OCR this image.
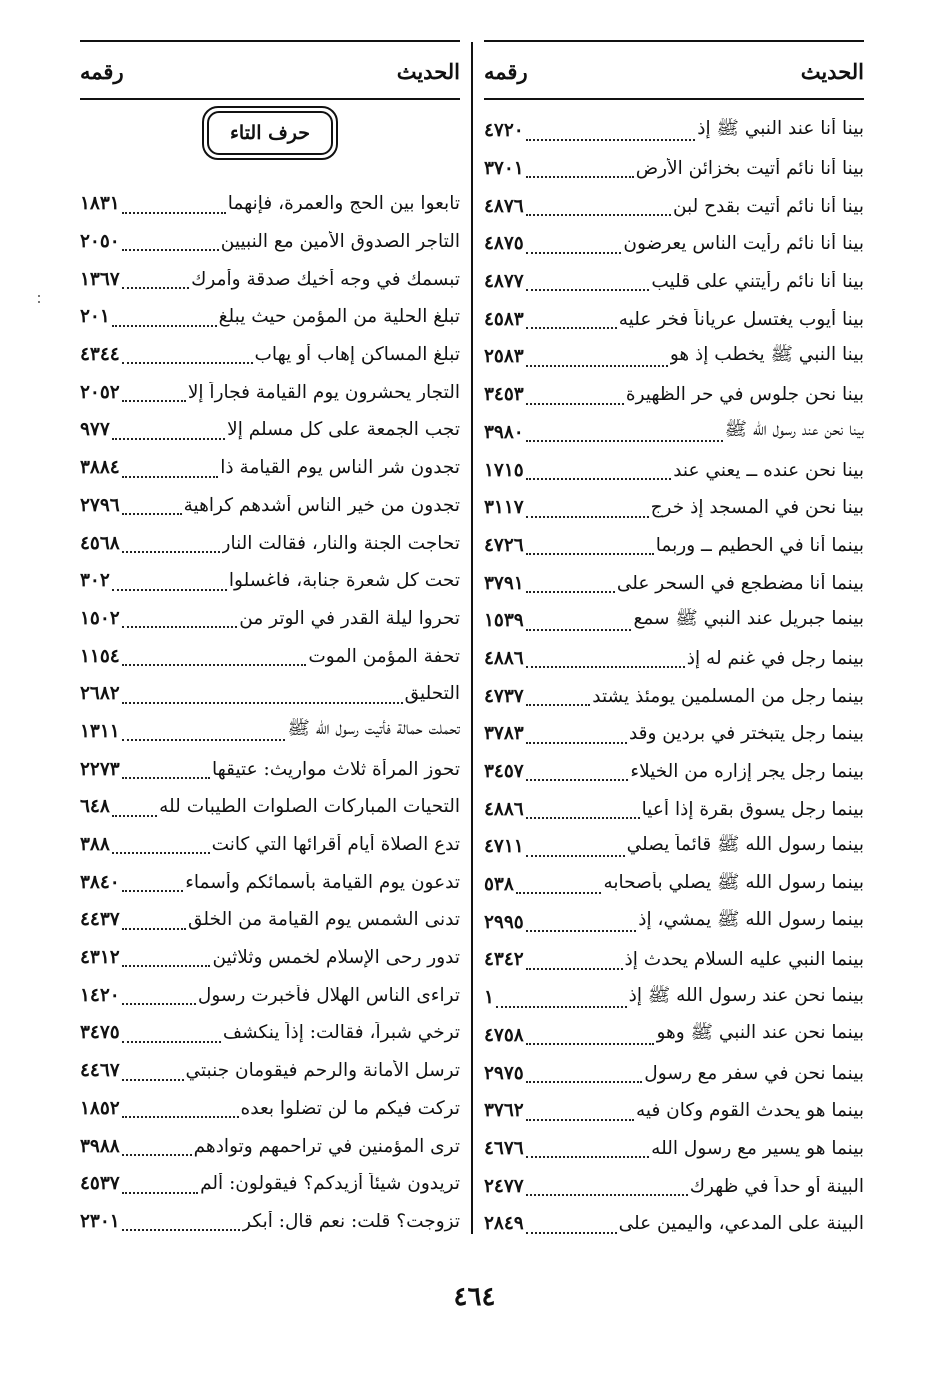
الحديث
رقمه
بينا أنا عند النبي ﷺ إذ
٤٧٢٠
بينا أنا نائم أتيت بخزائن الأرض
٣٧٠١
بينا أنا نائم أتيت بقدح لبن
٤٨٧٦
بينا أنا نائم رأيت الناس يعرضون
٤٨٧٥
بينا أنا نائم رأيتني على قليب
٤٨٧٧
بينا أيوب يغتسل عرياناً فخر عليه
٤٥٨٣
بينا النبي ﷺ يخطب إذ هو
٢٥٨٣
بينا نحن جلوس في حر الظهيرة
٣٤٥٣
بينا نحن عند رسول الله ﷺ
٣٩٨٠
بينا نحن عنده ــ يعني عند
١٧١٥
بينا نحن في المسجد إذ خرج
٣١١٧
بينما أنا في الحطيم ــ وربما
٤٧٢٦
بينما أنا مضطجع في السحر على
٣٧٩١
بينما جبريل عند النبي ﷺ سمع
١٥٣٩
بينما رجل في غنم له إذ
٤٨٨٦
بينما رجل من المسلمين يومئذ يشتد
٤٧٣٧
بينما رجل يتبختر في بردين وقد
٣٧٨٣
بينما رجل يجر إزاره من الخيلاء
٣٤٥٧
بينما رجل يسوق بقرة إذا أعيا
٤٨٨٦
بينما رسول الله ﷺ قائماً يصلي
٤٧١١
بينما رسول الله ﷺ يصلي بأصحابه
٥٣٨
بينما رسول الله ﷺ يمشي، إذ
٢٩٩٥
بينما النبي عليه السلام يحدث إذ
٤٣٤٢
بينما نحن عند رسول الله ﷺ إذ
١
بينما نحن عند النبي ﷺ وهو
٤٧٥٨
بينما نحن في سفر مع رسول
٢٩٧٥
بينما هو يحدث القوم وكان فيه
٣٧٦٢
بينما هو يسير مع رسول الله
٤٦٧٦
البينة أو حداً في ظهرك
٢٤٧٧
البينة على المدعي، واليمين على
٢٨٤٩
الحديث
رقمه
حرف التاء
تابعوا بين الحج والعمرة، فإنهما
١٨٣١
التاجر الصدوق الأمين مع النبيين
٢٠٥٠
تبسمك في وجه أخيك صدقة وأمرك
١٣٦٧
تبلغ الحلية من المؤمن حيث يبلغ
٢٠١
تبلغ المساكن إهاب أو يهاب
٤٣٤٤
التجار يحشرون يوم القيامة فجاراً إلا
٢٠٥٢
تجب الجمعة على كل مسلم إلا
٩٧٧
تجدون شر الناس يوم القيامة ذا
٣٨٨٤
تجدون من خير الناس أشدهم كراهية
٢٧٩٦
تحاجت الجنة والنار، فقالت النار
٤٥٦٨
تحت كل شعرة جنابة، فاغسلوا
٣٠٢
تحروا ليلة القدر في الوتر من
١٥٠٢
تحفة المؤمن الموت
١١٥٤
التحليق
٢٦٨٢
تحملت حمالة فأتيت رسول الله ﷺ
١٣١١
تحوز المرأة ثلاث مواريث: عتيقها
٢٢٧٣
التحيات المباركات الصلوات الطيبات لله
٦٤٨
تدع الصلاة أيام أقرائها التي كانت
٣٨٨
تدعون يوم القيامة بأسمائكم وأسماء
٣٨٤٠
تدنى الشمس يوم القيامة من الخلق
٤٤٣٧
تدور رحى الإسلام لخمس وثلاثين
٤٣١٢
تراءى الناس الهلال فأخبرت رسول
١٤٢٠
ترخي شبراً، فقالت: إذاً ينكشف
٣٤٧٥
ترسل الأمانة والرحم فيقومان جنبتي
٤٤٦٧
تركت فيكم ما لن تضلوا بعده
١٨٥٢
ترى المؤمنين في تراحمهم وتوادهم
٣٩٨٨
تريدون شيئاً أزيدكم؟ فيقولون: ألم
٤٥٣٧
تزوجت؟ قلت: نعم قال: أبكر
٢٣٠١
٤٦٤
